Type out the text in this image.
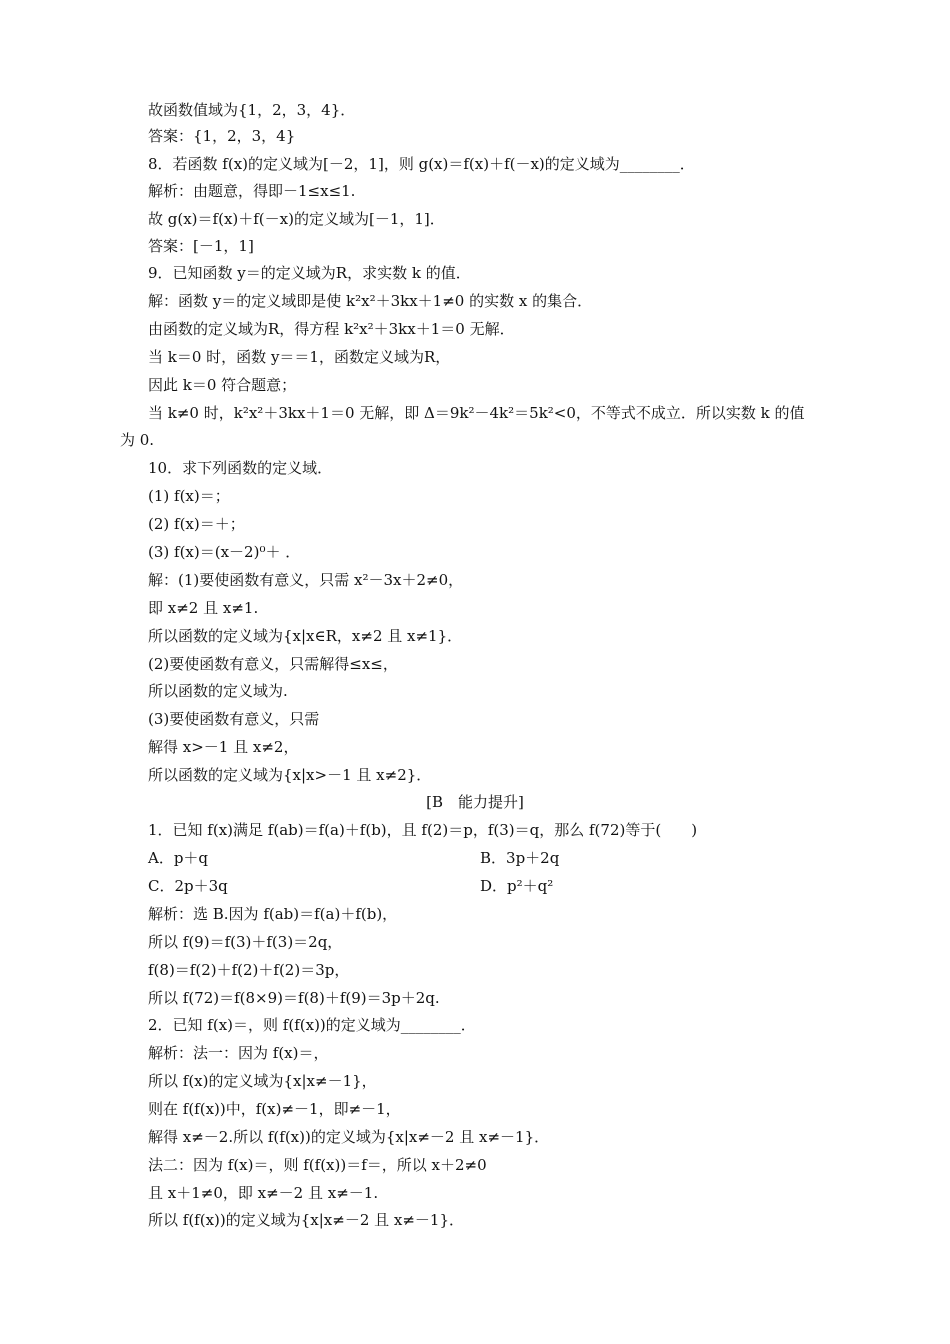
故函数值域为{1，2，3，4}．
答案：{1，2，3，4}
8．若函数 f(x)的定义域为[－2，1]，则 g(x)＝f(x)＋f(－x)的定义域为________．
解析：由题意，得即－1≤x≤1.
故 g(x)＝f(x)＋f(－x)的定义域为[－1，1]．
答案：[－1，1]
9．已知函数 y＝的定义域为R，求实数 k 的值．
解：函数 y＝的定义域即是使 k²x²＋3kx＋1≠0 的实数 x 的集合．
由函数的定义域为R，得方程 k²x²＋3kx＋1＝0 无解．
当 k＝0 时，函数 y＝＝1，函数定义域为R，
因此 k＝0 符合题意；
当 k≠0 时，k²x²＋3kx＋1＝0 无解，即 Δ＝9k²－4k²＝5k²<0，不等式不成立．所以实数 k 的值
为 0.
10．求下列函数的定义域．
(1) f(x)＝；
(2) f(x)＝＋；
(3) f(x)＝(x－2)⁰＋ ．
解：(1)要使函数有意义，只需 x²－3x＋2≠0，
即 x≠2 且 x≠1.
所以函数的定义域为{x|x∈R，x≠2 且 x≠1}．
(2)要使函数有意义，只需解得≤x≤，
所以函数的定义域为.
(3)要使函数有意义，只需
解得 x>－1 且 x≠2，
所以函数的定义域为{x|x>－1 且 x≠2}．
[B　能力提升]
1．已知 f(x)满足 f(ab)＝f(a)＋f(b)，且 f(2)＝p，f(3)＝q，那么 f(72)等于(　　)
A．p＋q	B．3p＋2q
C．2p＋3q	D．p²＋q²
解析：选 B.因为 f(ab)＝f(a)＋f(b)，
所以 f(9)＝f(3)＋f(3)＝2q，
f(8)＝f(2)＋f(2)＋f(2)＝3p，
所以 f(72)＝f(8×9)＝f(8)＋f(9)＝3p＋2q.
2．已知 f(x)＝，则 f(f(x))的定义域为________．
解析：法一：因为 f(x)＝，
所以 f(x)的定义域为{x|x≠－1}，
则在 f(f(x))中，f(x)≠－1，即≠－1，
解得 x≠－2.所以 f(f(x))的定义域为{x|x≠－2 且 x≠－1}．
法二：因为 f(x)＝，则 f(f(x))＝f＝，所以 x＋2≠0
且 x＋1≠0，即 x≠－2 且 x≠－1.
所以 f(f(x))的定义域为{x|x≠－2 且 x≠－1}．
